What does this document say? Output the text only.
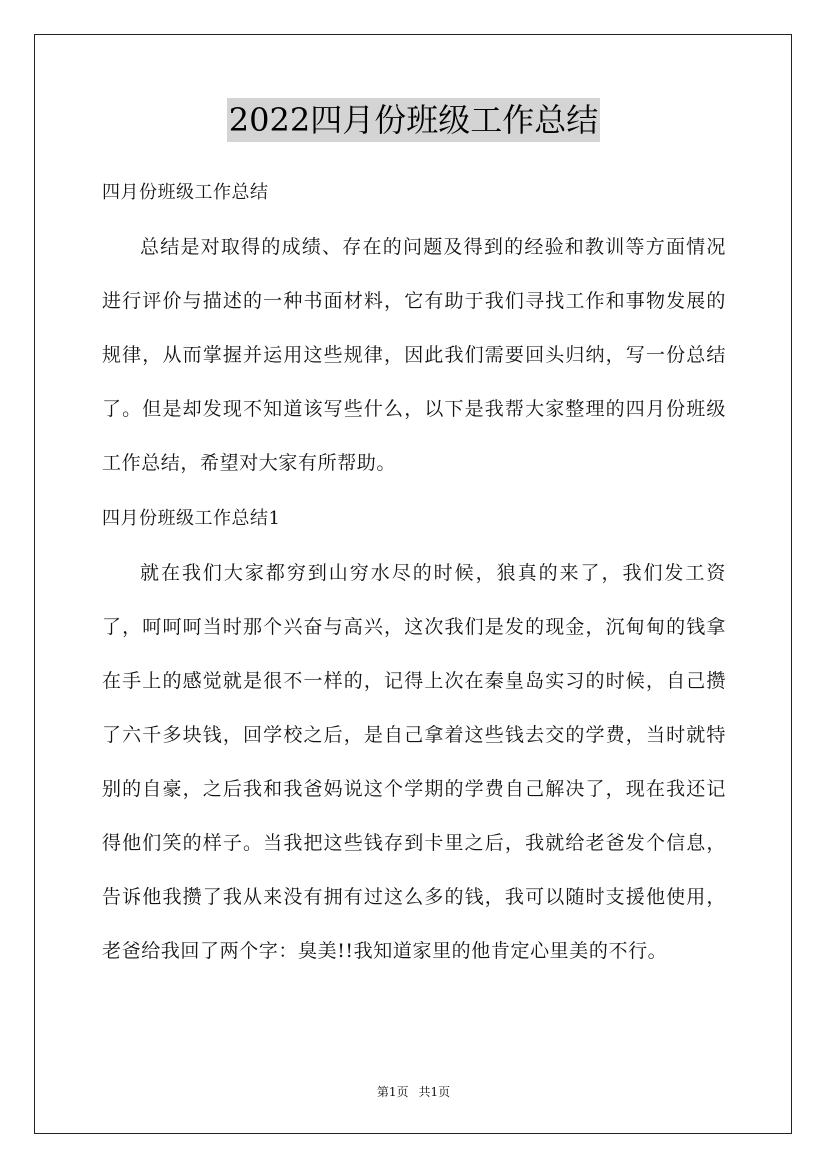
2022四月份班级工作总结
四月份班级工作总结

总结是对取得的成绩、存在的问题及得到的经验和教训等方面情况进行评价与描述的一种书面材料，它有助于我们寻找工作和事物发展的规律，从而掌握并运用这些规律，因此我们需要回头归纳，写一份总结了。但是却发现不知道该写些什么，以下是我帮大家整理的四月份班级工作总结，希望对大家有所帮助。

四月份班级工作总结1

就在我们大家都穷到山穷水尽的时候，狼真的来了，我们发工资了，呵呵呵当时那个兴奋与高兴，这次我们是发的现金，沉甸甸的钱拿在手上的感觉就是很不一样的，记得上次在秦皇岛实习的时候，自己攒了六千多块钱，回学校之后，是自己拿着这些钱去交的学费，当时就特别的自豪，之后我和我爸妈说这个学期的学费自己解决了，现在我还记得他们笑的样子。当我把这些钱存到卡里之后，我就给老爸发个信息，告诉他我攒了我从来没有拥有过这么多的钱，我可以随时支援他使用，老爸给我回了两个字：臭美!!我知道家里的他肯定心里美的不行。

第1页 共1页
